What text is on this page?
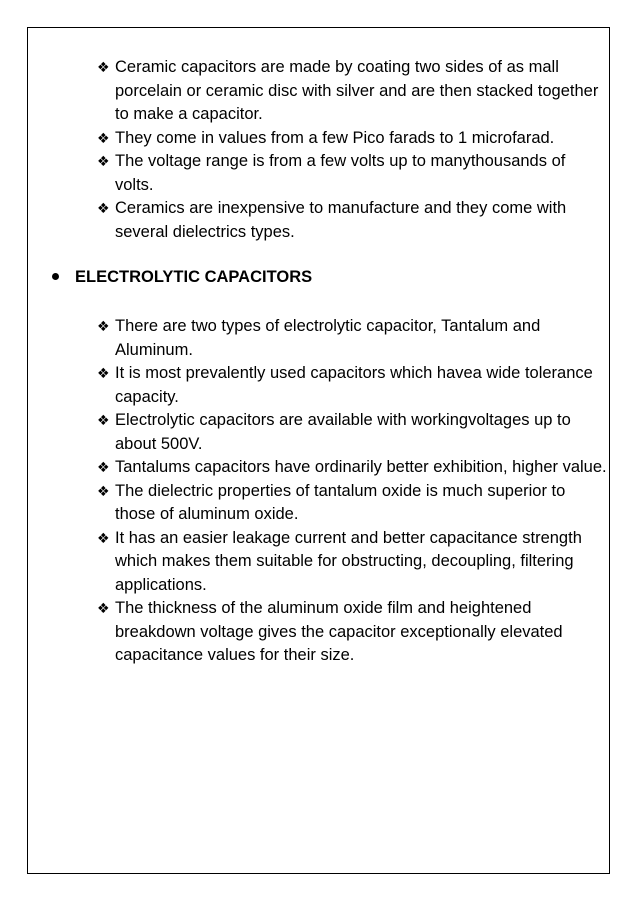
❖ Ceramic capacitors are made by coating two sides of as mall porcelain or ceramic disc with silver and are then stacked together to make a capacitor.
❖ They come in values from a few Pico farads to 1 microfarad.
❖ The voltage range is from a few volts up to manythousands of volts.
❖ Ceramics are inexpensive to manufacture and they come with several dielectrics types.
ELECTROLYTIC CAPACITORS
❖ There are two types of electrolytic capacitor, Tantalum and Aluminum.
❖ It is most prevalently used capacitors which havea wide tolerance capacity.
❖ Electrolytic capacitors are available with workingvoltages up to about 500V.
❖ Tantalums capacitors have ordinarily better exhibition, higher value.
❖ The dielectric properties of tantalum oxide is much superior to those of aluminum oxide.
❖ It has an easier leakage current and better capacitance strength which makes them suitable for obstructing, decoupling, filtering applications.
❖ The thickness of the aluminum oxide film and heightened breakdown voltage gives the capacitor exceptionally elevated capacitance values for their size.
